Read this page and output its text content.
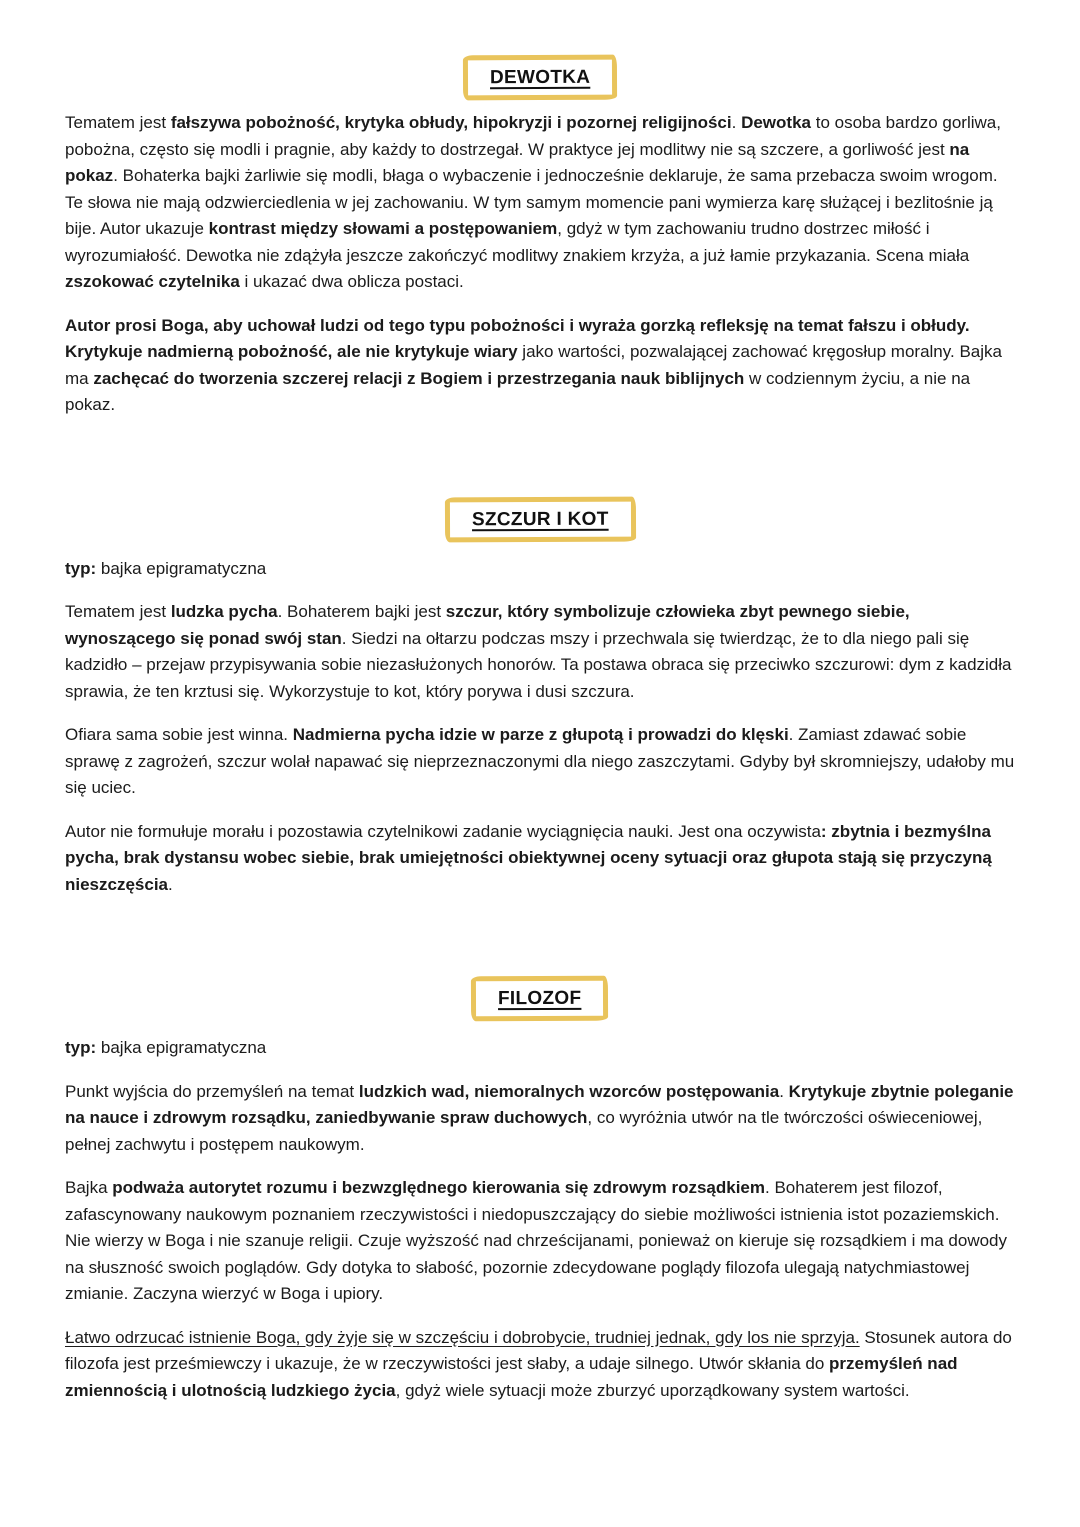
DEWOTKA

Tematem jest fałszywa pobożność, krytyka obłudy, hipokryzji i pozornej religijności. Dewotka to osoba bardzo gorliwa, pobożna, często się modli i pragnie, aby każdy to dostrzegał. W praktyce jej modlitwy nie są szczere, a gorliwość jest na pokaz. Bohaterka bajki żarliwie się modli, błaga o wybaczenie i jednocześnie deklaruje, że sama przebacza swoim wrogom. Te słowa nie mają odzwierciedlenia w jej zachowaniu. W tym samym momencie pani wymierza karę służącej i bezlitośnie ją bije. Autor ukazuje kontrast między słowami a postępowaniem, gdyż w tym zachowaniu trudno dostrzec miłość i wyrozumiałość. Dewotka nie zdążyła jeszcze zakończyć modlitwy znakiem krzyża, a już łamie przykazania. Scena miała zszokować czytelnika i ukazać dwa oblicza postaci.

Autor prosi Boga, aby uchował ludzi od tego typu pobożności i wyraża gorzką refleksję na temat fałszu i obłudy. Krytykuje nadmierną pobożność, ale nie krytykuje wiary jako wartości, pozwalającej zachować kręgosłup moralny. Bajka ma zachęcać do tworzenia szczerej relacji z Bogiem i przestrzegania nauk biblijnych w codziennym życiu, a nie na pokaz.

SZCZUR I KOT

typ: bajka epigramatyczna

Tematem jest ludzka pycha. Bohaterem bajki jest szczur, który symbolizuje człowieka zbyt pewnego siebie, wynoszącego się ponad swój stan. Siedzi na ołtarzu podczas mszy i przechwala się twierdząc, że to dla niego pali się kadzidło – przejaw przypisywania sobie niezasłużonych honorów. Ta postawa obraca się przeciwko szczurowi: dym z kadzidła sprawia, że ten krztusi się. Wykorzystuje to kot, który porywa i dusi szczura.

Ofiara sama sobie jest winna. Nadmierna pycha idzie w parze z głupotą i prowadzi do klęski. Zamiast zdawać sobie sprawę z zagrożeń, szczur wolał napawać się nieprzeznaczonymi dla niego zaszczytami. Gdyby był skromniejszy, udałoby mu się uciec.

Autor nie formułuje morału i pozostawia czytelnikowi zadanie wyciągnięcia nauki. Jest ona oczywista: zbytnia i bezmyślna pycha, brak dystansu wobec siebie, brak umiejętności obiektywnej oceny sytuacji oraz głupota stają się przyczyną nieszczęścia.

FILOZOF

typ: bajka epigramatyczna

Punkt wyjścia do przemyśleń na temat ludzkich wad, niemoralnych wzorców postępowania. Krytykuje zbytnie poleganie na nauce i zdrowym rozsądku, zaniedbywanie spraw duchowych, co wyróżnia utwór na tle twórczości oświeceniowej, pełnej zachwytu i postępem naukowym.

Bajka podważa autorytet rozumu i bezwzględnego kierowania się zdrowym rozsądkiem. Bohaterem jest filozof, zafascynowany naukowym poznaniem rzeczywistości i niedopuszczający do siebie możliwości istnienia istot pozaziemskich. Nie wierzy w Boga i nie szanuje religii. Czuje wyższość nad chrześcijanami, ponieważ on kieruje się rozsądkiem i ma dowody na słuszność swoich poglądów. Gdy dotyka to słabość, pozornie zdecydowane poglądy filozofa ulegają natychmiastowej zmianie. Zaczyna wierzyć w Boga i upiory.

Łatwo odrzucać istnienie Boga, gdy żyje się w szczęściu i dobrobycie, trudniej jednak, gdy los nie sprzyja. Stosunek autora do filozofa jest prześmiewczy i ukazuje, że w rzeczywistości jest słaby, a udaje silnego. Utwór skłania do przemyśleń nad zmiennością i ulotnością ludzkiego życia, gdyż wiele sytuacji może zburzyć uporządkowany system wartości.
